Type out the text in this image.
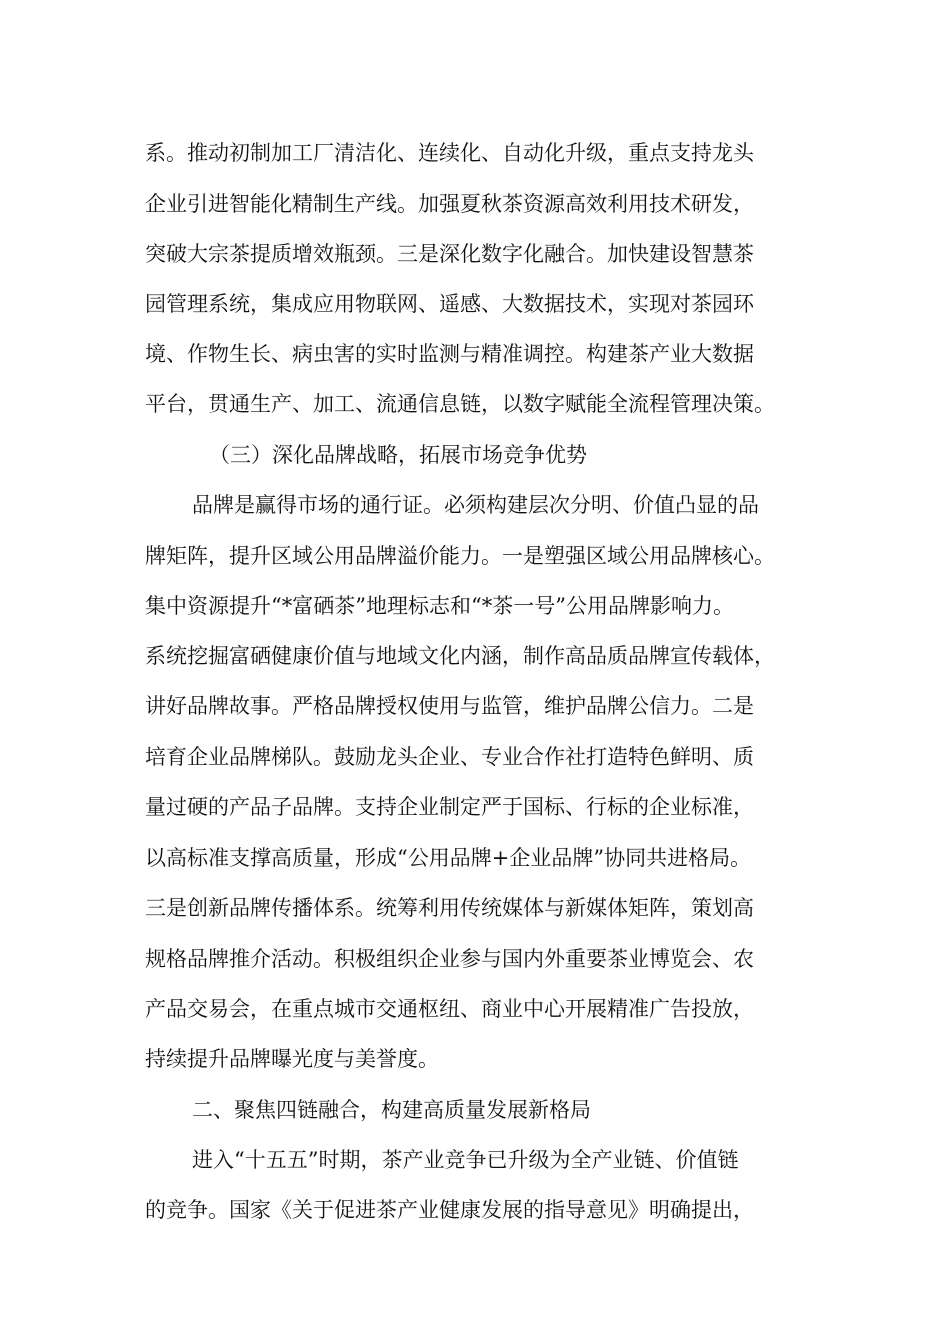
系。推动初制加工厂清洁化、连续化、自动化升级，重点支持龙头
企业引进智能化精制生产线。加强夏秋茶资源高效利用技术研发，
突破大宗茶提质增效瓶颈。三是深化数字化融合。加快建设智慧茶
园管理系统，集成应用物联网、遥感、大数据技术，实现对茶园环
境、作物生长、病虫害的实时监测与精准调控。构建茶产业大数据
平台，贯通生产、加工、流通信息链，以数字赋能全流程管理决策。
（三）深化品牌战略，拓展市场竞争优势
品牌是赢得市场的通行证。必须构建层次分明、价值凸显的品
牌矩阵，提升区域公用品牌溢价能力。一是塑强区域公用品牌核心。
集中资源提升“*富硒茶”地理标志和“*茶一号”公用品牌影响力。
系统挖掘富硒健康价值与地域文化内涵，制作高品质品牌宣传载体，
讲好品牌故事。严格品牌授权使用与监管，维护品牌公信力。二是
培育企业品牌梯队。鼓励龙头企业、专业合作社打造特色鲜明、质
量过硬的产品子品牌。支持企业制定严于国标、行标的企业标准，
以高标准支撑高质量，形成“公用品牌+企业品牌”协同共进格局。
三是创新品牌传播体系。统筹利用传统媒体与新媒体矩阵，策划高
规格品牌推介活动。积极组织企业参与国内外重要茶业博览会、农
产品交易会，在重点城市交通枢纽、商业中心开展精准广告投放，
持续提升品牌曝光度与美誉度。
二、聚焦四链融合，构建高质量发展新格局
进入“十五五”时期，茶产业竞争已升级为全产业链、价值链
的竞争。国家《关于促进茶产业健康发展的指导意见》明确提出，
